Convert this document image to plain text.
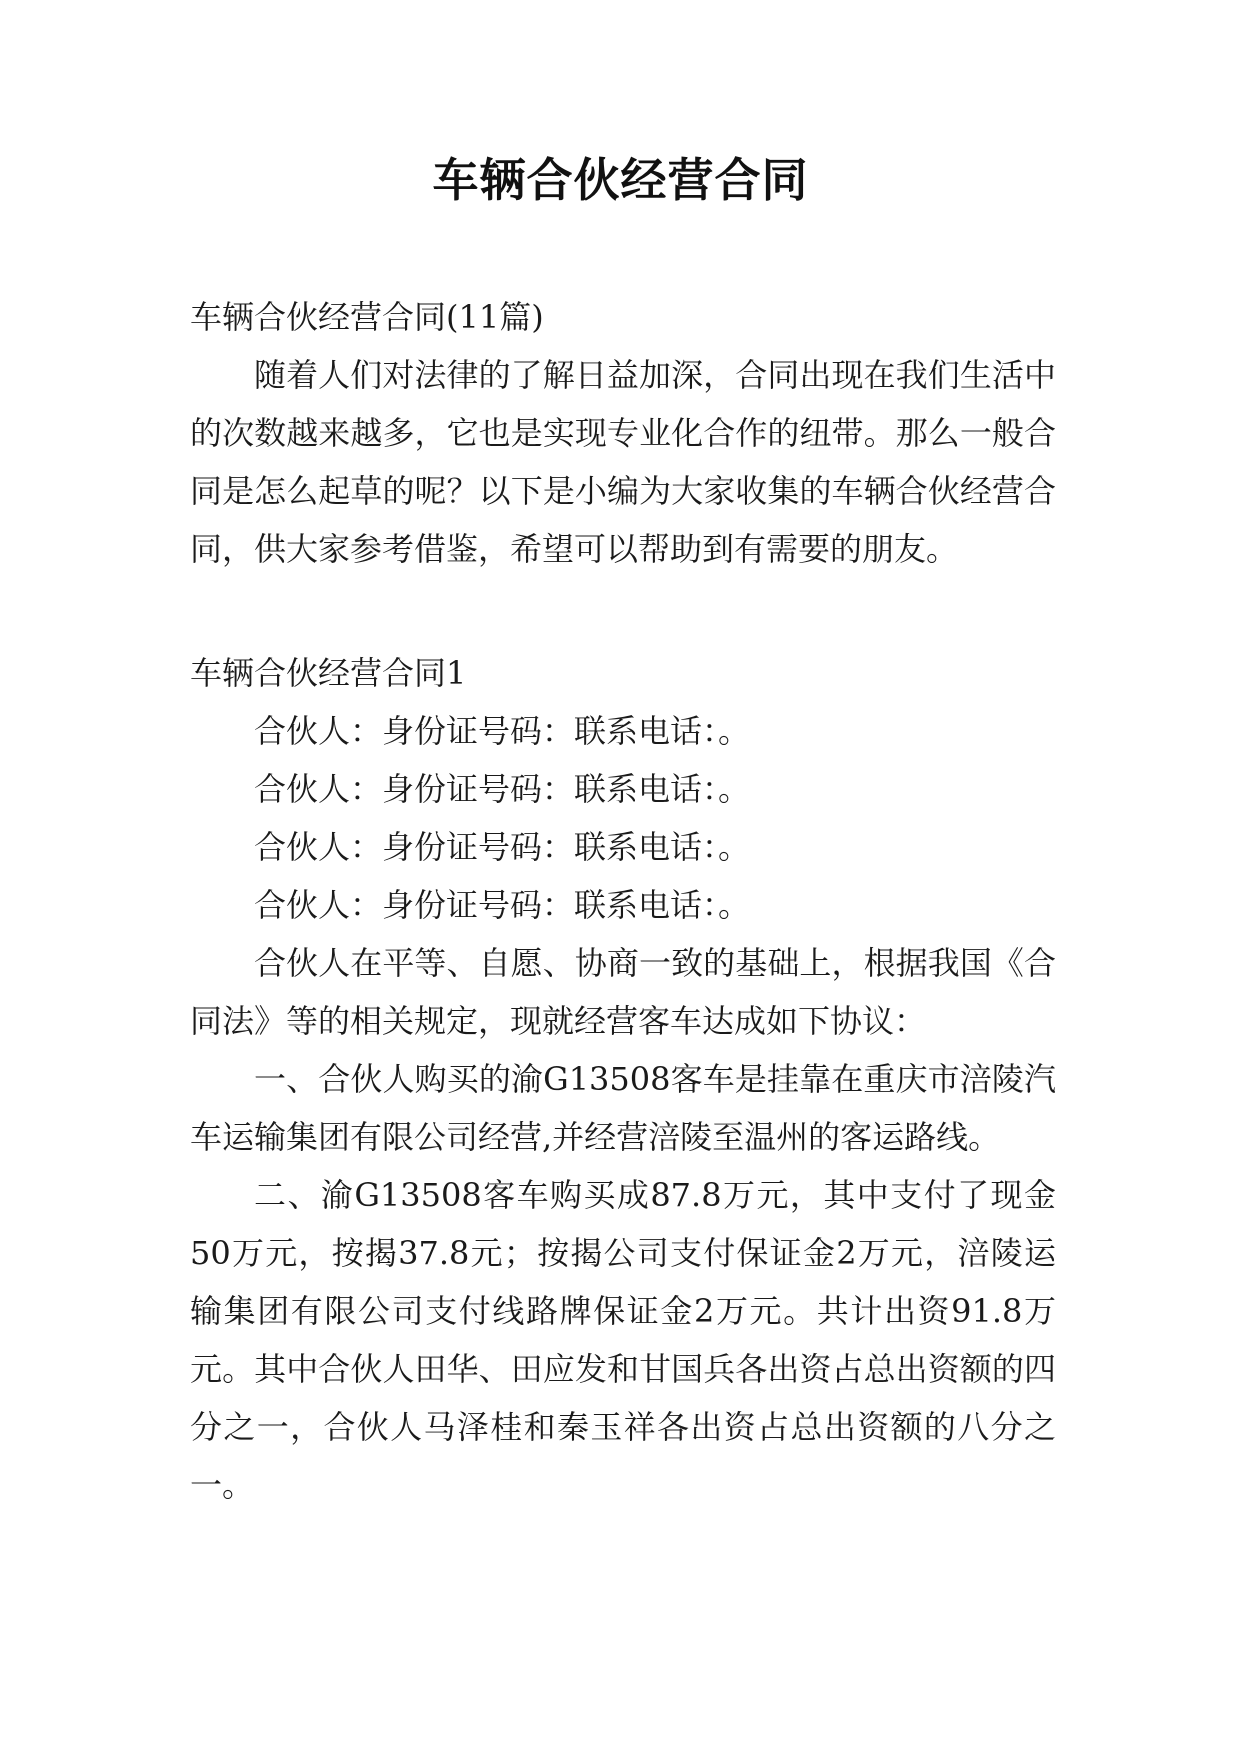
车辆合伙经营合同

车辆合伙经营合同(11篇)

随着人们对法律的了解日益加深，合同出现在我们生活中的次数越来越多，它也是实现专业化合作的纽带。那么一般合同是怎么起草的呢？以下是小编为大家收集的车辆合伙经营合同，供大家参考借鉴，希望可以帮助到有需要的朋友。

车辆合伙经营合同1

合伙人：身份证号码：联系电话：。

合伙人：身份证号码：联系电话：。

合伙人：身份证号码：联系电话：。

合伙人：身份证号码：联系电话：。

合伙人在平等、自愿、协商一致的基础上，根据我国《合同法》等的相关规定，现就经营客车达成如下协议：

一、合伙人购买的渝G13508客车是挂靠在重庆市涪陵汽车运输集团有限公司经营,并经营涪陵至温州的客运路线。

二、渝G13508客车购买成87.8万元，其中支付了现金50万元，按揭37.8元；按揭公司支付保证金2万元，涪陵运输集团有限公司支付线路牌保证金2万元。共计出资91.8万元。其中合伙人田华、田应发和甘国兵各出资占总出资额的四分之一，合伙人马泽桂和秦玉祥各出资占总出资额的八分之一。
